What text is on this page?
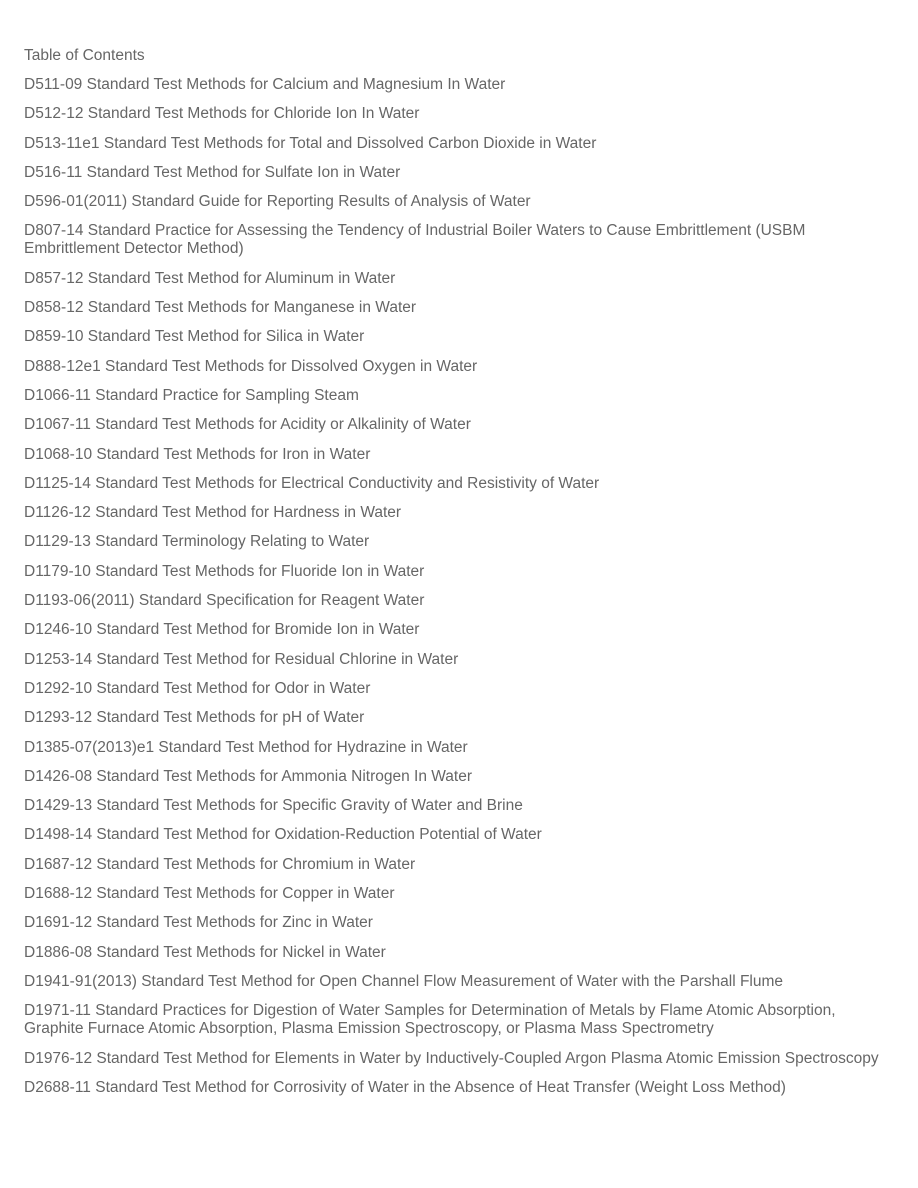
Table of Contents
D511-09 Standard Test Methods for Calcium and Magnesium In Water
D512-12 Standard Test Methods for Chloride Ion In Water
D513-11e1 Standard Test Methods for Total and Dissolved Carbon Dioxide in Water
D516-11 Standard Test Method for Sulfate Ion in Water
D596-01(2011) Standard Guide for Reporting Results of Analysis of Water
D807-14 Standard Practice for Assessing the Tendency of Industrial Boiler Waters to Cause Embrittlement (USBM Embrittlement Detector Method)
D857-12 Standard Test Method for Aluminum in Water
D858-12 Standard Test Methods for Manganese in Water
D859-10 Standard Test Method for Silica in Water
D888-12e1 Standard Test Methods for Dissolved Oxygen in Water
D1066-11 Standard Practice for Sampling Steam
D1067-11 Standard Test Methods for Acidity or Alkalinity of Water
D1068-10 Standard Test Methods for Iron in Water
D1125-14 Standard Test Methods for Electrical Conductivity and Resistivity of Water
D1126-12 Standard Test Method for Hardness in Water
D1129-13 Standard Terminology Relating to Water
D1179-10 Standard Test Methods for Fluoride Ion in Water
D1193-06(2011) Standard Specification for Reagent Water
D1246-10 Standard Test Method for Bromide Ion in Water
D1253-14 Standard Test Method for Residual Chlorine in Water
D1292-10 Standard Test Method for Odor in Water
D1293-12 Standard Test Methods for pH of Water
D1385-07(2013)e1 Standard Test Method for Hydrazine in Water
D1426-08 Standard Test Methods for Ammonia Nitrogen In Water
D1429-13 Standard Test Methods for Specific Gravity of Water and Brine
D1498-14 Standard Test Method for Oxidation-Reduction Potential of Water
D1687-12 Standard Test Methods for Chromium in Water
D1688-12 Standard Test Methods for Copper in Water
D1691-12 Standard Test Methods for Zinc in Water
D1886-08 Standard Test Methods for Nickel in Water
D1941-91(2013) Standard Test Method for Open Channel Flow Measurement of Water with the Parshall Flume
D1971-11 Standard Practices for Digestion of Water Samples for Determination of Metals by Flame Atomic Absorption, Graphite Furnace Atomic Absorption, Plasma Emission Spectroscopy, or Plasma Mass Spectrometry
D1976-12 Standard Test Method for Elements in Water by Inductively-Coupled Argon Plasma Atomic Emission Spectroscopy
D2688-11 Standard Test Method for Corrosivity of Water in the Absence of Heat Transfer (Weight Loss Method)
